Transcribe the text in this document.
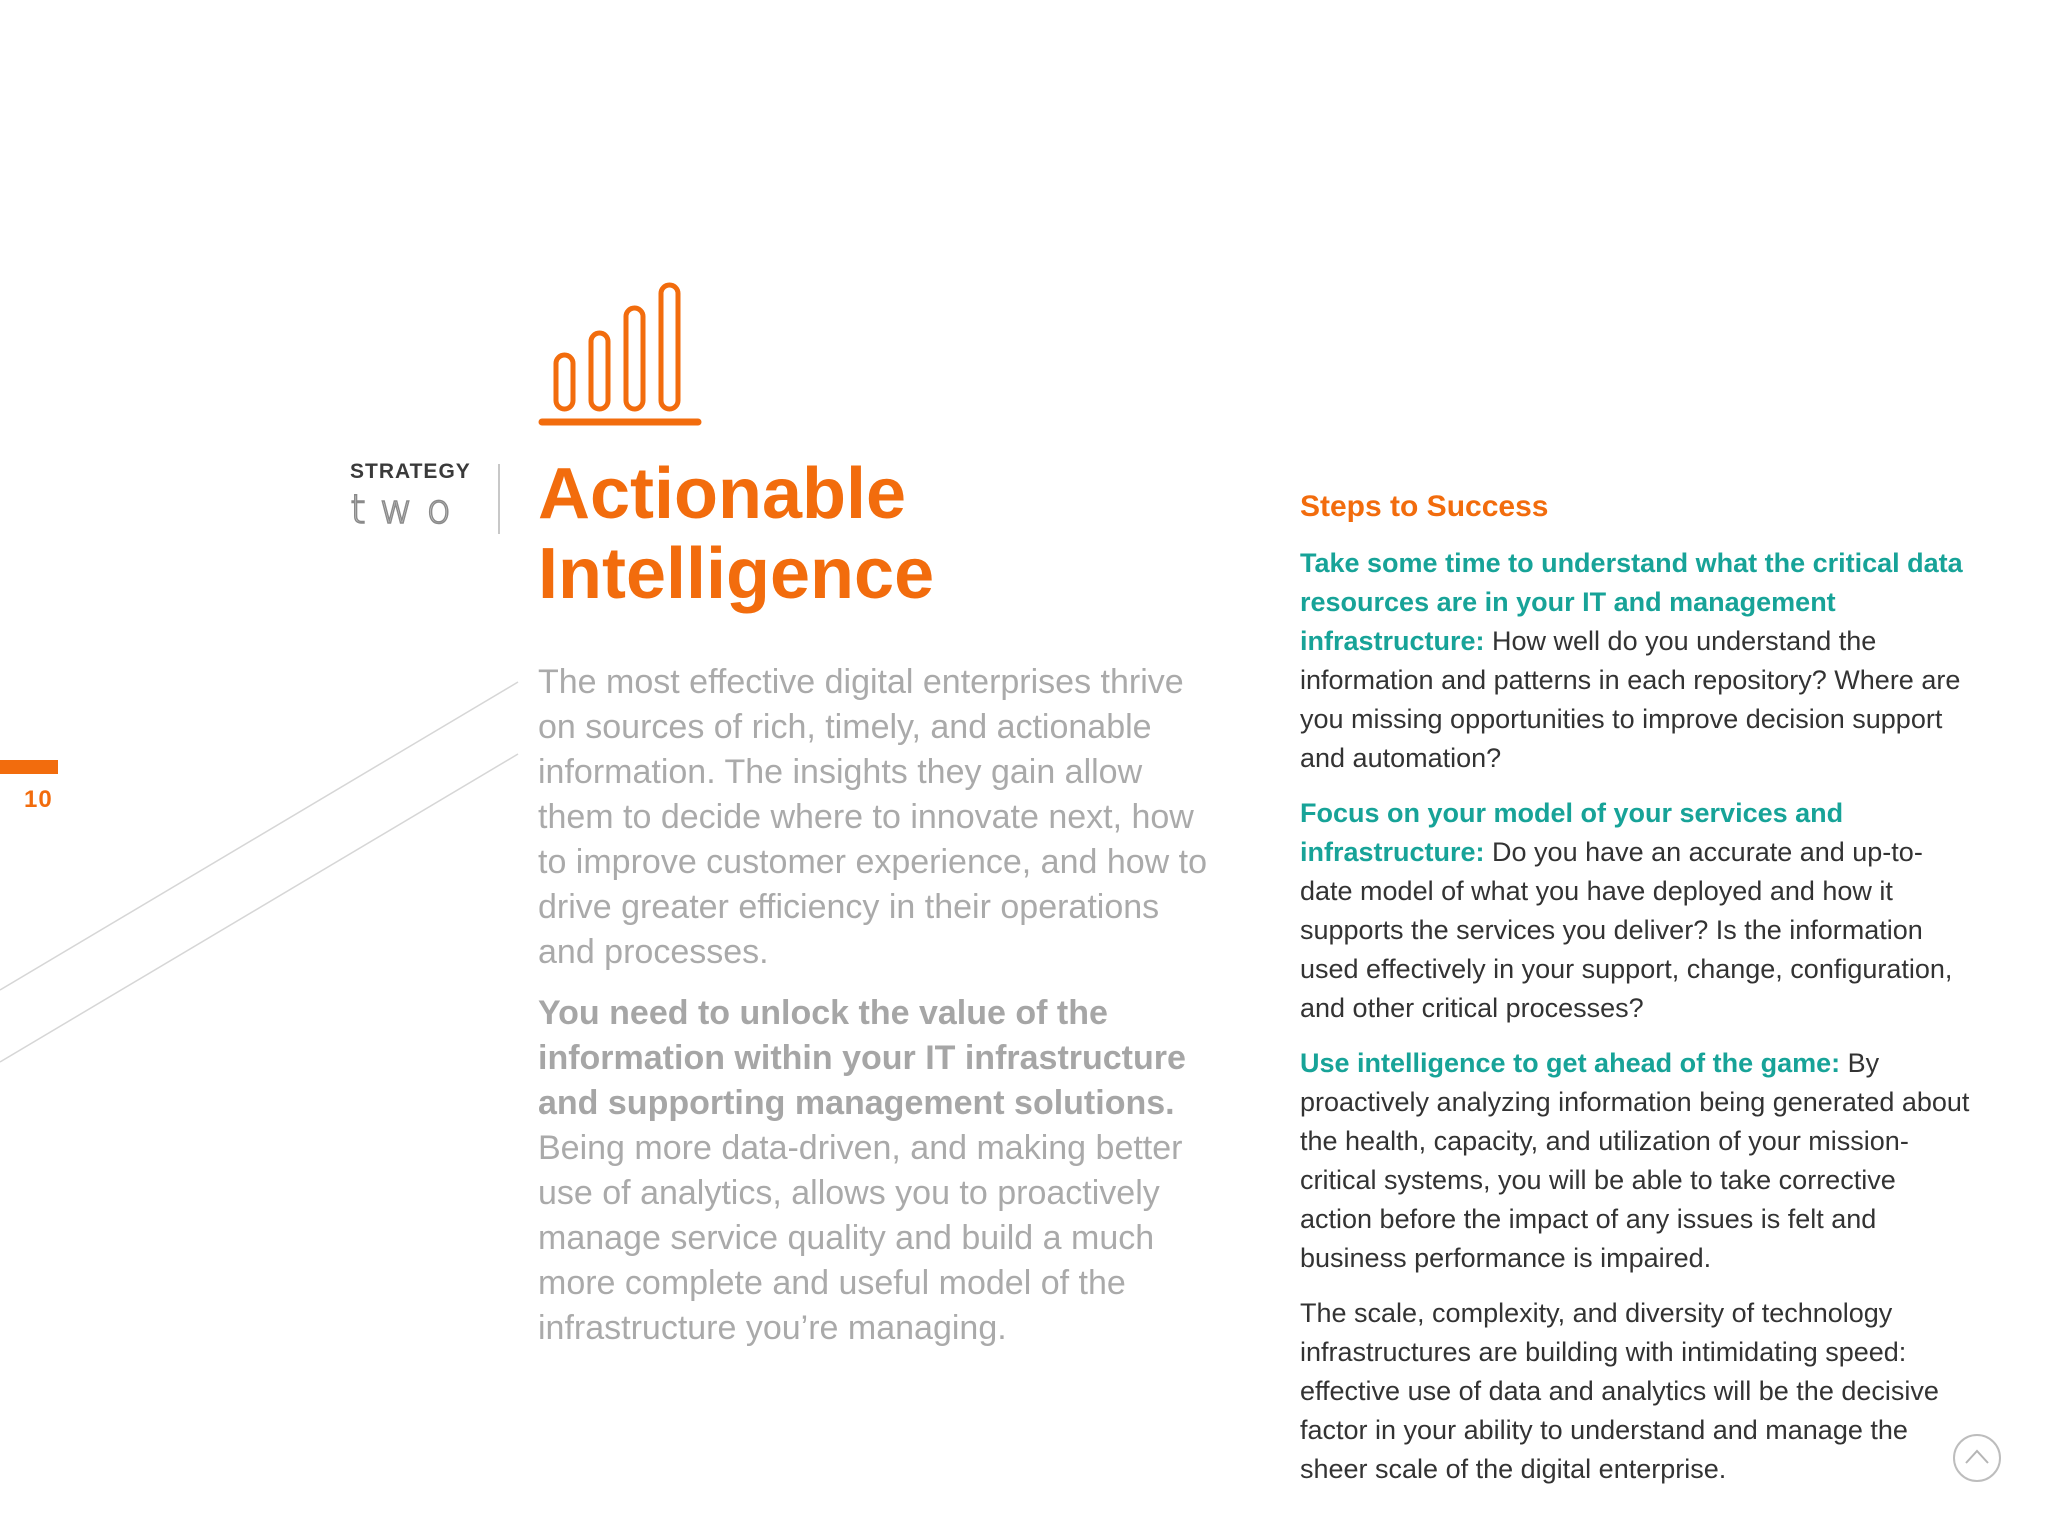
10
STRATEGY
two Actionable
Intelligence

The most effective digital enterprises thrive on sources of rich, timely, and actionable information. The insights they gain allow them to decide where to innovate next, how to improve customer experience, and how to drive greater efficiency in their operations and processes.

You need to unlock the value of the information within your IT infrastructure and supporting management solutions. Being more data-driven, and making better use of analytics, allows you to proactively manage service quality and build a much more complete and useful model of the infrastructure you’re managing.

Steps to Success

Take some time to understand what the critical data resources are in your IT and management infrastructure: How well do you understand the information and patterns in each repository? Where are you missing opportunities to improve decision support and automation?

Focus on your model of your services and infrastructure: Do you have an accurate and up-to-date model of what you have deployed and how it supports the services you deliver? Is the information used effectively in your support, change, configuration, and other critical processes?

Use intelligence to get ahead of the game: By proactively analyzing information being generated about the health, capacity, and utilization of your mission-critical systems, you will be able to take corrective action before the impact of any issues is felt and business performance is impaired.

The scale, complexity, and diversity of technology infrastructures are building with intimidating speed: effective use of data and analytics will be the decisive factor in your ability to understand and manage the sheer scale of the digital enterprise.
